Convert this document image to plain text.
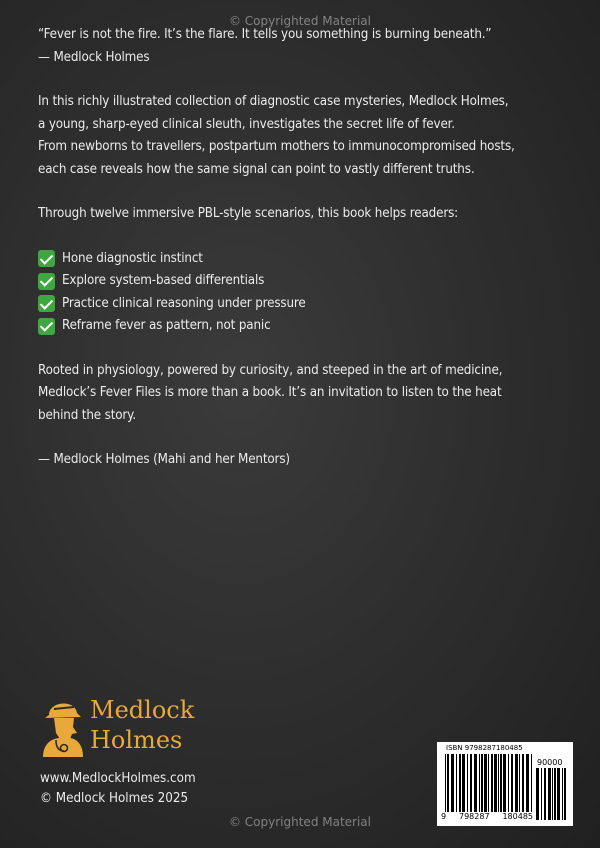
© Copyrighted Material

“Fever is not the fire. It’s the flare. It tells you something is burning beneath.”

— Medlock Holmes

In this richly illustrated collection of diagnostic case mysteries, Medlock Holmes,

a young, sharp-eyed clinical sleuth, investigates the secret life of fever.

From newborns to travellers, postpartum mothers to immunocompromised hosts,

each case reveals how the same signal can point to vastly different truths.

Through twelve immersive PBL-style scenarios, this book helps readers:

Hone diagnostic instinct
Explore system-based differentials
Practice clinical reasoning under pressure
Reframe fever as pattern, not panic

Rooted in physiology, powered by curiosity, and steeped in the art of medicine,

Medlock’s Fever Files is more than a book. It’s an invitation to listen to the heat

behind the story.

— Medlock Holmes (Mahi and her Mentors)

Medlock
Holmes
www.MedlockHolmes.com
© Medlock Holmes 2025
ISBN 9798287180485
90000
9 798287 180485
© Copyrighted Material
